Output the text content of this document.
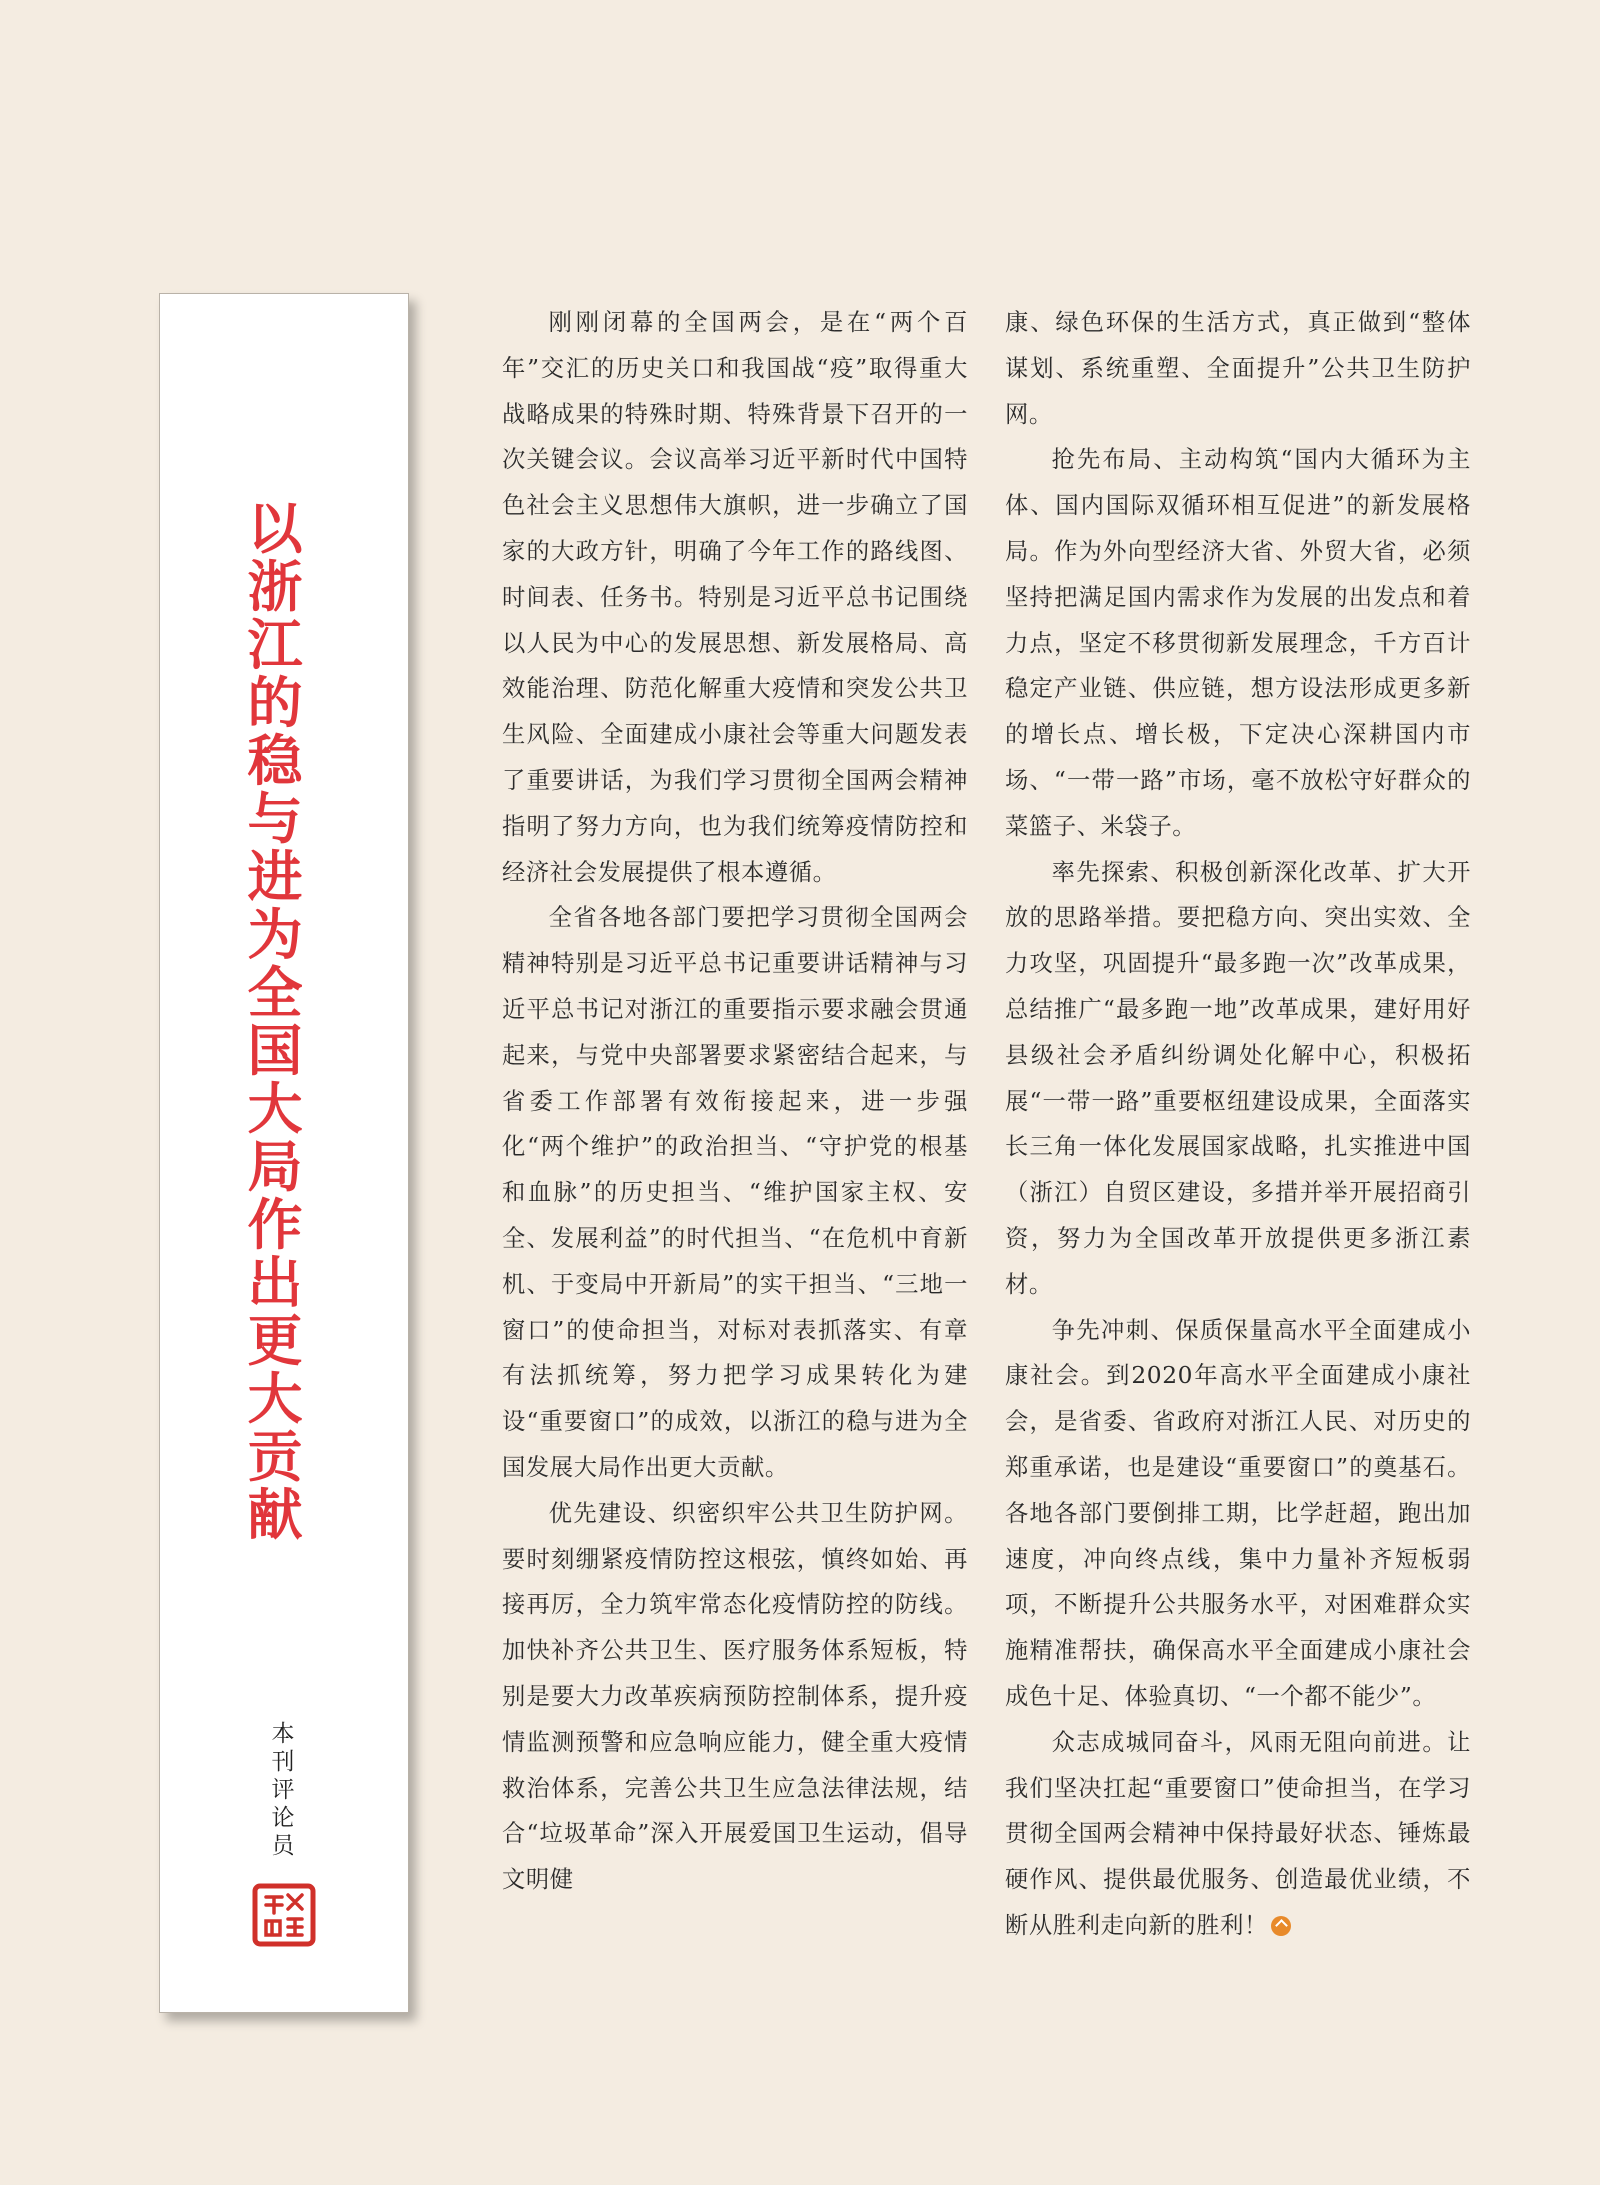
以浙江的稳与进为全国大局作出更大贡献
本刊评论员

刚刚闭幕的全国两会，是在“两个百年”交汇的历史关口和我国战“疫”取得重大战略成果的特殊时期、特殊背景下召开的一次关键会议。会议高举习近平新时代中国特色社会主义思想伟大旗帜，进一步确立了国家的大政方针，明确了今年工作的路线图、时间表、任务书。特别是习近平总书记围绕以人民为中心的发展思想、新发展格局、高效能治理、防范化解重大疫情和突发公共卫生风险、全面建成小康社会等重大问题发表了重要讲话，为我们学习贯彻全国两会精神指明了努力方向，也为我们统筹疫情防控和经济社会发展提供了根本遵循。

全省各地各部门要把学习贯彻全国两会精神特别是习近平总书记重要讲话精神与习近平总书记对浙江的重要指示要求融会贯通起来，与党中央部署要求紧密结合起来，与省委工作部署有效衔接起来，进一步强化“两个维护”的政治担当、“守护党的根基和血脉”的历史担当、“维护国家主权、安全、发展利益”的时代担当、“在危机中育新机、于变局中开新局”的实干担当、“三地一窗口”的使命担当，对标对表抓落实、有章有法抓统筹，努力把学习成果转化为建设“重要窗口”的成效，以浙江的稳与进为全国发展大局作出更大贡献。

优先建设、织密织牢公共卫生防护网。要时刻绷紧疫情防控这根弦，慎终如始、再接再厉，全力筑牢常态化疫情防控的防线。加快补齐公共卫生、医疗服务体系短板，特别是要大力改革疾病预防控制体系，提升疫情监测预警和应急响应能力，健全重大疫情救治体系，完善公共卫生应急法律法规，结合“垃圾革命”深入开展爱国卫生运动，倡导文明健

康、绿色环保的生活方式，真正做到“整体谋划、系统重塑、全面提升”公共卫生防护网。

抢先布局、主动构筑“国内大循环为主体、国内国际双循环相互促进”的新发展格局。作为外向型经济大省、外贸大省，必须坚持把满足国内需求作为发展的出发点和着力点，坚定不移贯彻新发展理念，千方百计稳定产业链、供应链，想方设法形成更多新的增长点、增长极，下定决心深耕国内市场、“一带一路”市场，毫不放松守好群众的菜篮子、米袋子。

率先探索、积极创新深化改革、扩大开放的思路举措。要把稳方向、突出实效、全力攻坚，巩固提升“最多跑一次”改革成果，总结推广“最多跑一地”改革成果，建好用好县级社会矛盾纠纷调处化解中心，积极拓展“一带一路”重要枢纽建设成果，全面落实长三角一体化发展国家战略，扎实推进中国（浙江）自贸区建设，多措并举开展招商引资，努力为全国改革开放提供更多浙江素材。

争先冲刺、保质保量高水平全面建成小康社会。到2020年高水平全面建成小康社会，是省委、省政府对浙江人民、对历史的郑重承诺，也是建设“重要窗口”的奠基石。各地各部门要倒排工期，比学赶超，跑出加速度，冲向终点线，集中力量补齐短板弱项，不断提升公共服务水平，对困难群众实施精准帮扶，确保高水平全面建成小康社会成色十足、体验真切、“一个都不能少”。

众志成城同奋斗，风雨无阻向前进。让我们坚决扛起“重要窗口”使命担当，在学习贯彻全国两会精神中保持最好状态、锤炼最硬作风、提供最优服务、创造最优业绩，不断从胜利走向新的胜利！
